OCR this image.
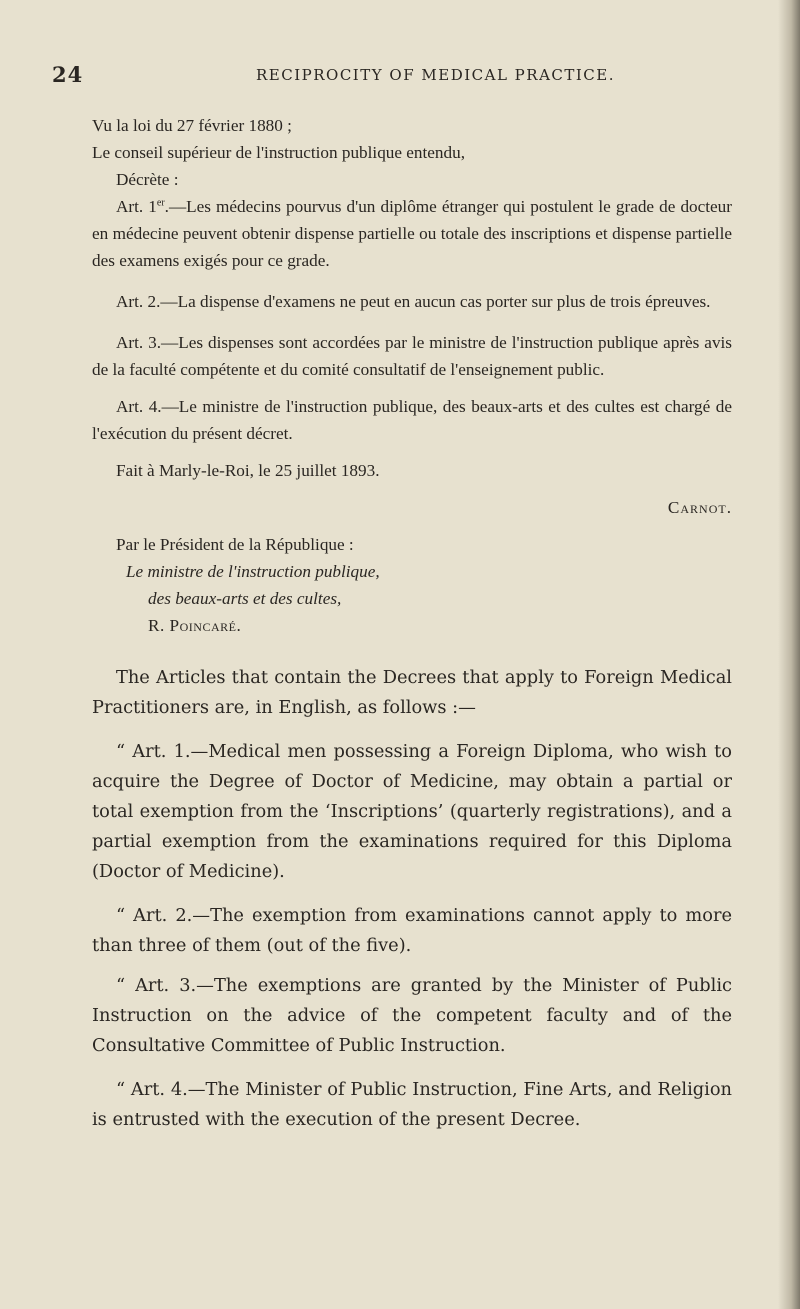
24	RECIPROCITY OF MEDICAL PRACTICE.

Vu la loi du 27 février 1880 ;

Le conseil supérieur de l'instruction publique entendu,

Décrète :

Art. 1er.—Les médecins pourvus d'un diplôme étranger qui postulent le grade de docteur en médecine peuvent obtenir dispense partielle ou totale des inscriptions et dispense partielle des examens exigés pour ce grade.

Art. 2.—La dispense d'examens ne peut en aucun cas porter sur plus de trois épreuves.

Art. 3.—Les dispenses sont accordées par le ministre de l'instruction publique après avis de la faculté compétente et du comité consultatif de l'enseignement public.

Art. 4.—Le ministre de l'instruction publique, des beaux-arts et des cultes est chargé de l'exécution du présent décret.

Fait à Marly-le-Roi, le 25 juillet 1893.

Carnot.

Par le Président de la République :

Le ministre de l'instruction publique,

des beaux-arts et des cultes,

R. Poincaré.

The Articles that contain the Decrees that apply to Foreign Medical Practitioners are, in English, as follows :—

“ Art. 1.—Medical men possessing a Foreign Diploma, who wish to acquire the Degree of Doctor of Medicine, may obtain a partial or total exemption from the ‘Inscriptions’ (quarterly registrations), and a partial exemption from the examinations required for this Diploma (Doctor of Medicine).

“ Art. 2.—The exemption from examinations cannot apply to more than three of them (out of the five).

“ Art. 3.—The exemptions are granted by the Minister of Public Instruction on the advice of the competent faculty and of the Consultative Committee of Public Instruction.

“ Art. 4.—The Minister of Public Instruction, Fine Arts, and Religion is entrusted with the execution of the present Decree.
